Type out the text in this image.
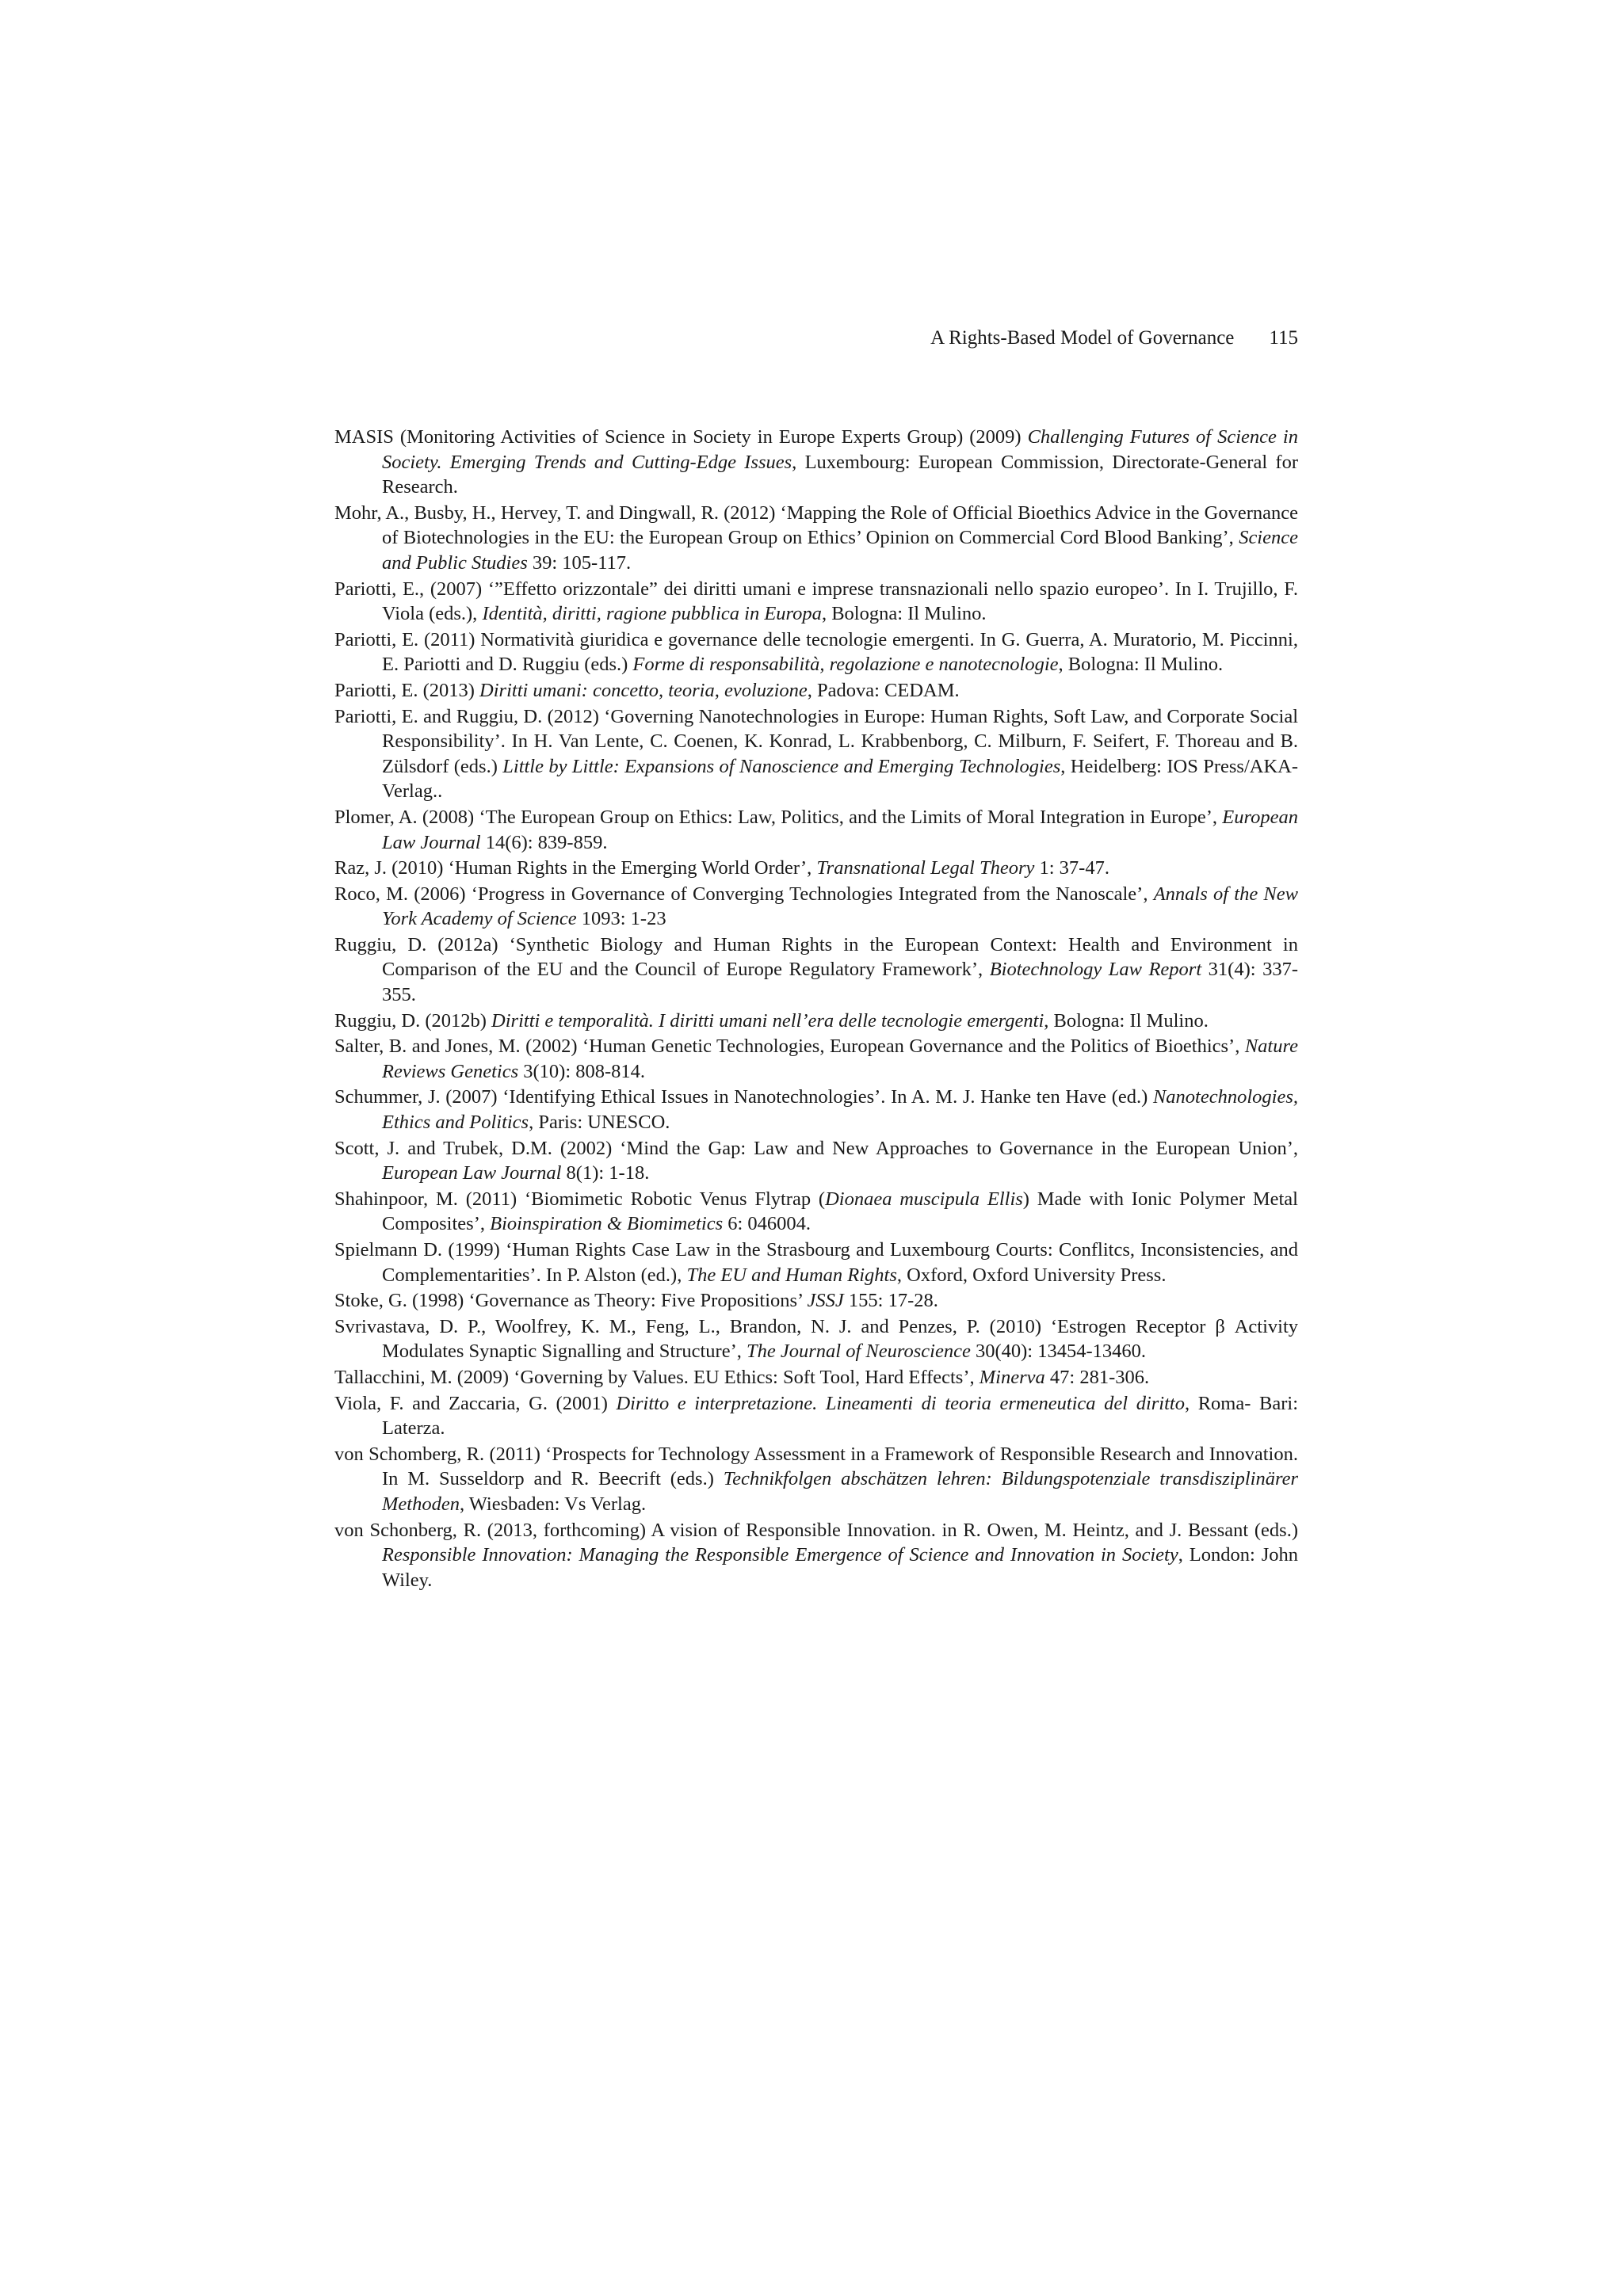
A Rights-Based Model of Governance 115

MASIS (Monitoring Activities of Science in Society in Europe Experts Group) (2009) Challenging Futures of Science in Society. Emerging Trends and Cutting-Edge Issues, Luxembourg: European Commission, Directorate-General for Research.

Mohr, A., Busby, H., Hervey, T. and Dingwall, R. (2012) ‘Mapping the Role of Official Bioethics Advice in the Governance of Biotechnologies in the EU: the European Group on Ethics’ Opinion on Commercial Cord Blood Banking’, Science and Public Studies 39: 105-117.

Pariotti, E., (2007) ‘”Effetto orizzontale” dei diritti umani e imprese transnazionali nello spazio europeo’. In I. Trujillo, F. Viola (eds.), Identità, diritti, ragione pubblica in Europa, Bologna: Il Mulino.

Pariotti, E. (2011) Normatività giuridica e governance delle tecnologie emergenti. In G. Guerra, A. Muratorio, M. Piccinni, E. Pariotti and D. Ruggiu (eds.) Forme di responsabilità, regolazione e nanotecnologie, Bologna: Il Mulino.

Pariotti, E. (2013) Diritti umani: concetto, teoria, evoluzione, Padova: CEDAM.

Pariotti, E. and Ruggiu, D. (2012) ‘Governing Nanotechnologies in Europe: Human Rights, Soft Law, and Corporate Social Responsibility’. In H. Van Lente, C. Coenen, K. Konrad, L. Krabbenborg, C. Milburn, F. Seifert, F. Thoreau and B. Zülsdorf (eds.) Little by Little: Expansions of Nanoscience and Emerging Technologies, Heidelberg: IOS Press/AKA-Verlag..

Plomer, A. (2008) ‘The European Group on Ethics: Law, Politics, and the Limits of Moral Integration in Europe’, European Law Journal 14(6): 839-859.

Raz, J. (2010) ‘Human Rights in the Emerging World Order’, Transnational Legal Theory 1: 37-47.

Roco, M. (2006) ‘Progress in Governance of Converging Technologies Integrated from the Nanoscale’, Annals of the New York Academy of Science 1093: 1-23

Ruggiu, D. (2012a) ‘Synthetic Biology and Human Rights in the European Context: Health and Environment in Comparison of the EU and the Council of Europe Regulatory Framework’, Biotechnology Law Report 31(4): 337-355.

Ruggiu, D. (2012b) Diritti e temporalità. I diritti umani nell’era delle tecnologie emergenti, Bologna: Il Mulino.

Salter, B. and Jones, M. (2002) ‘Human Genetic Technologies, European Governance and the Politics of Bioethics’, Nature Reviews Genetics 3(10): 808-814.

Schummer, J. (2007) ‘Identifying Ethical Issues in Nanotechnologies’. In A. M. J. Hanke ten Have (ed.) Nanotechnologies, Ethics and Politics, Paris: UNESCO.

Scott, J. and Trubek, D.M. (2002) ‘Mind the Gap: Law and New Approaches to Governance in the European Union’, European Law Journal 8(1): 1-18.

Shahinpoor, M. (2011) ‘Biomimetic Robotic Venus Flytrap (Dionaea muscipula Ellis) Made with Ionic Polymer Metal Composites’, Bioinspiration & Biomimetics 6: 046004.

Spielmann D. (1999) ‘Human Rights Case Law in the Strasbourg and Luxembourg Courts: Conflitcs, Inconsistencies, and Complementarities’. In P. Alston (ed.), The EU and Human Rights, Oxford, Oxford University Press.

Stoke, G. (1998) ‘Governance as Theory: Five Propositions’ JSSJ 155: 17-28.

Svrivastava, D. P., Woolfrey, K. M., Feng, L., Brandon, N. J. and Penzes, P. (2010) ‘Estrogen Receptor β Activity Modulates Synaptic Signalling and Structure’, The Journal of Neuroscience 30(40): 13454-13460.

Tallacchini, M. (2009) ‘Governing by Values. EU Ethics: Soft Tool, Hard Effects’, Minerva 47: 281-306.

Viola, F. and Zaccaria, G. (2001) Diritto e interpretazione. Lineamenti di teoria ermeneutica del diritto, Roma- Bari: Laterza.

von Schomberg, R. (2011) ‘Prospects for Technology Assessment in a Framework of Responsible Research and Innovation. In M. Susseldorp and R. Beecrift (eds.) Technikfolgen abschätzen lehren: Bildungspotenziale transdisziplinärer Methoden, Wiesbaden: Vs Verlag.

von Schonberg, R. (2013, forthcoming) A vision of Responsible Innovation. in R. Owen, M. Heintz, and J. Bessant (eds.) Responsible Innovation: Managing the Responsible Emergence of Science and Innovation in Society, London: John Wiley.
